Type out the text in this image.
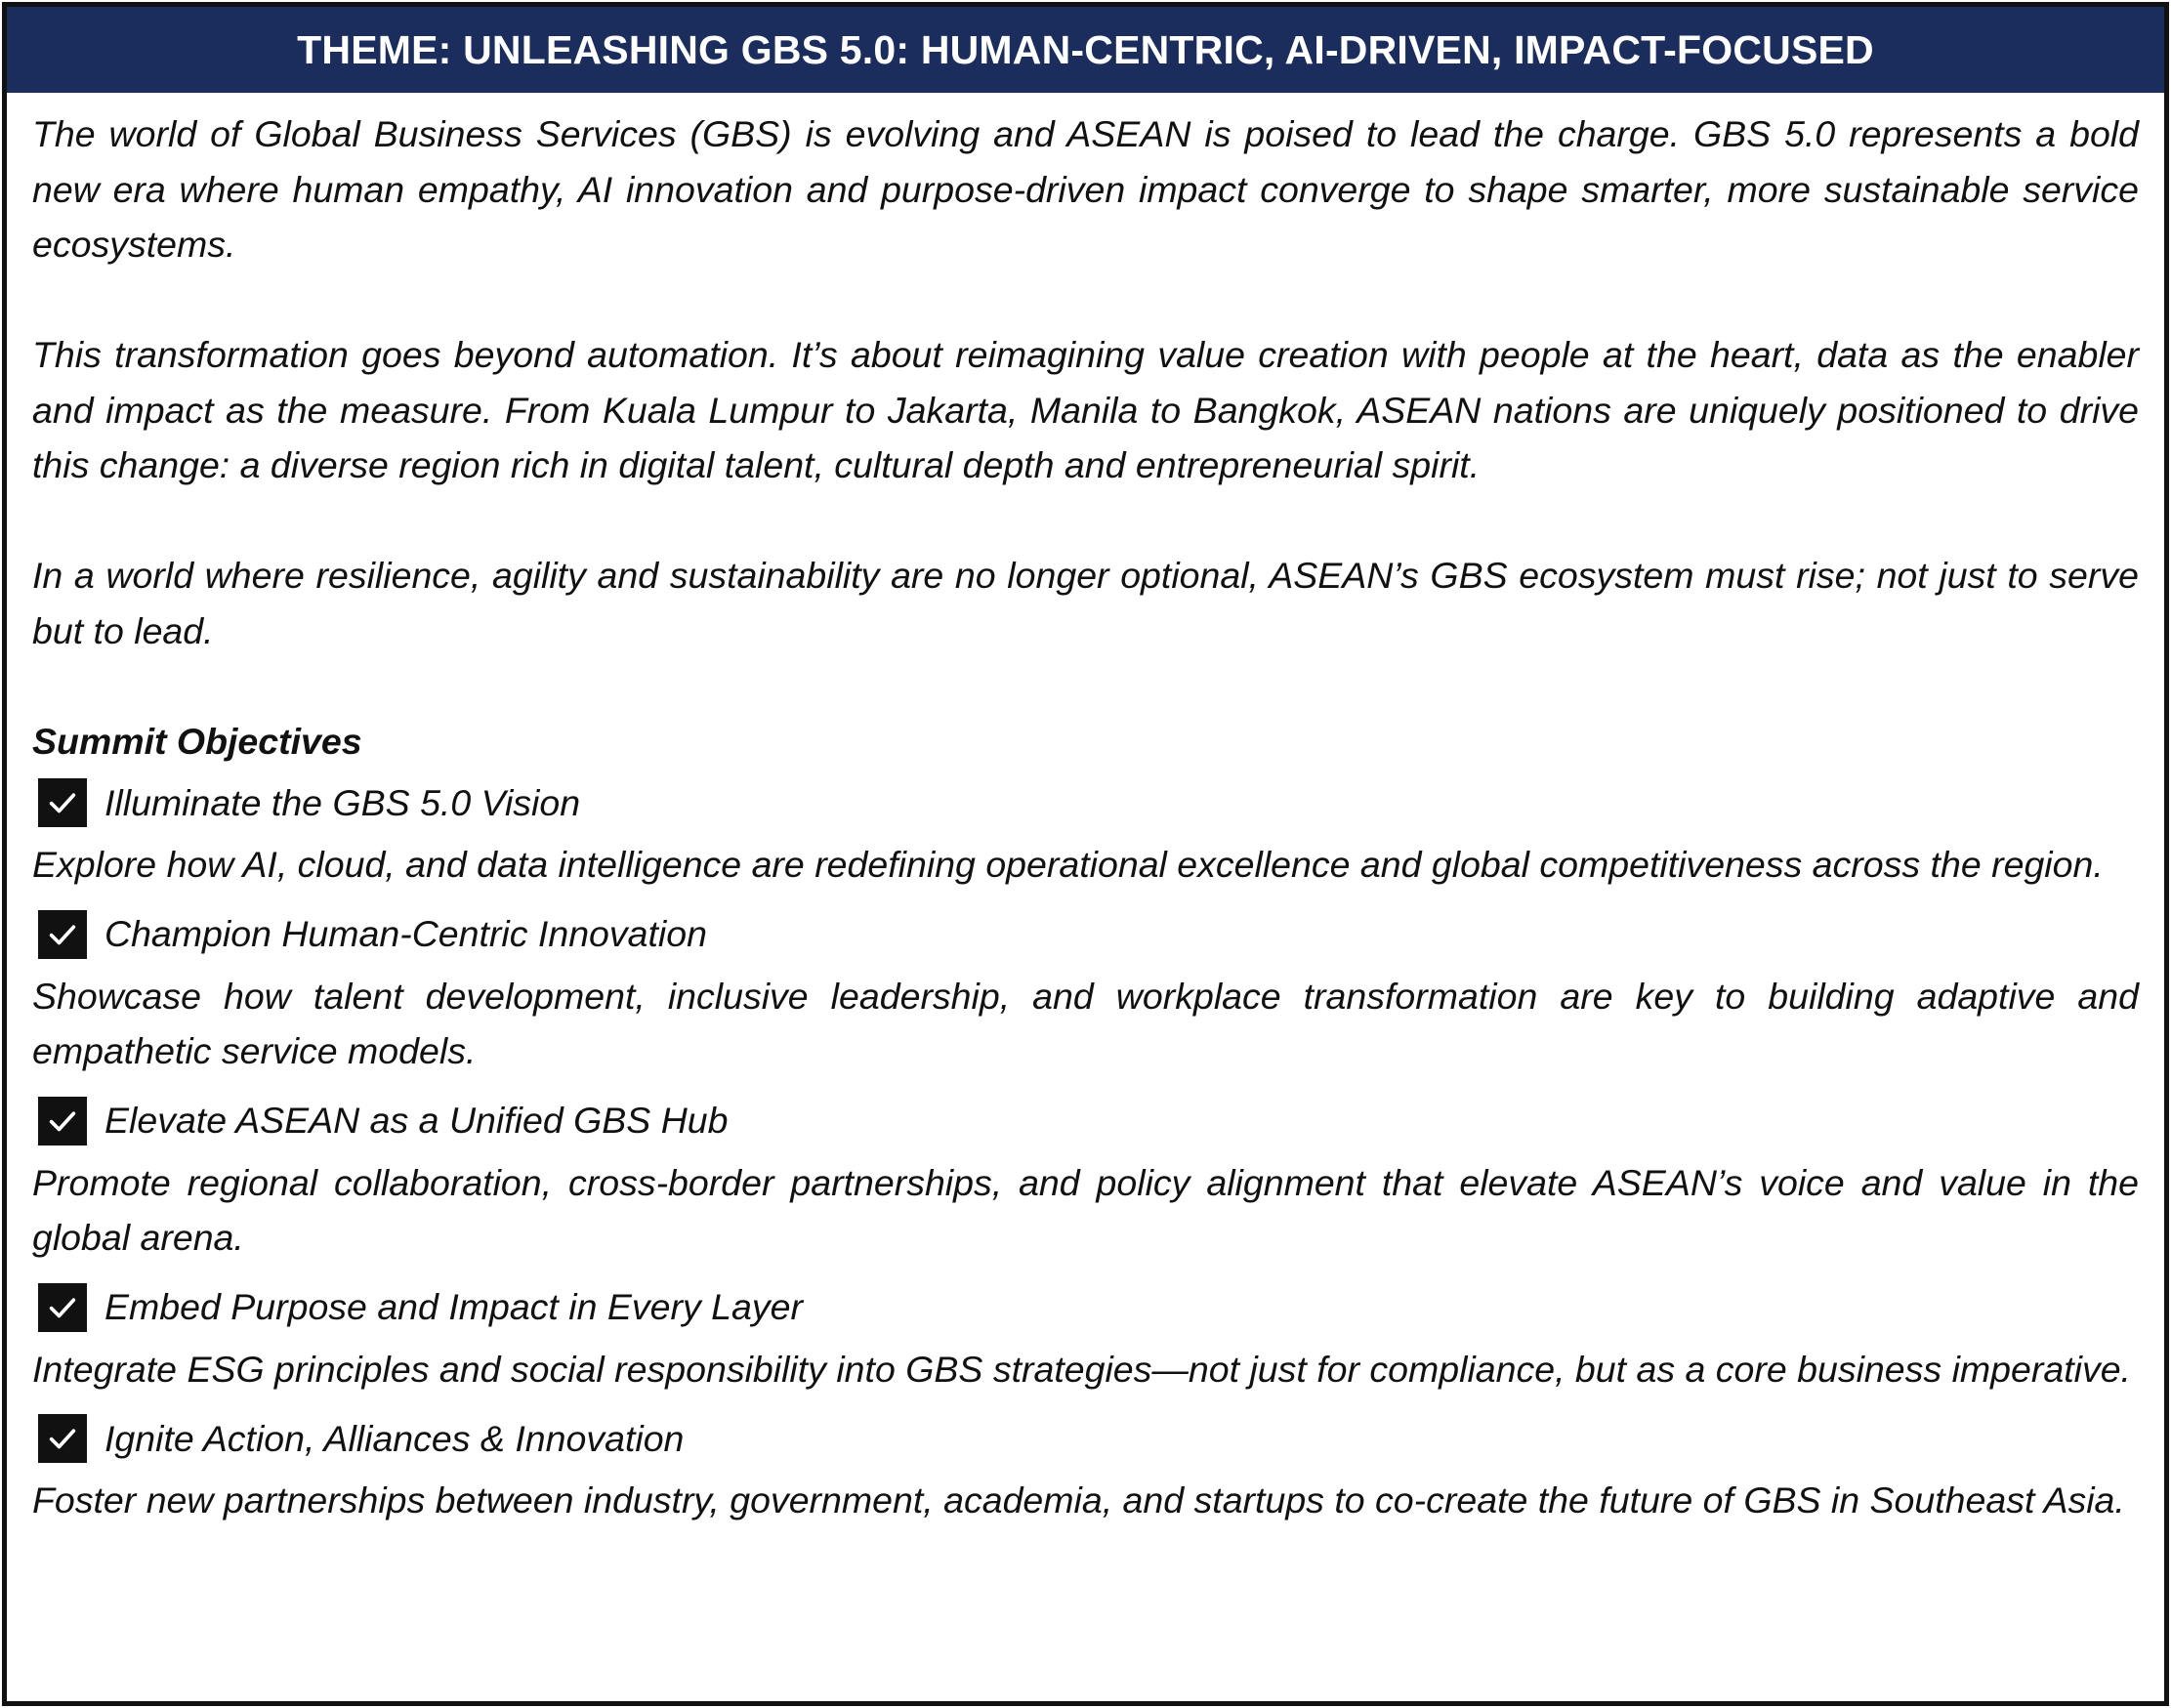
THEME: UNLEASHING GBS 5.0: HUMAN-CENTRIC, AI-DRIVEN, IMPACT-FOCUSED

The world of Global Business Services (GBS) is evolving and ASEAN is poised to lead the charge. GBS 5.0 represents a bold new era where human empathy, AI innovation and purpose-driven impact converge to shape smarter, more sustainable service ecosystems.

This transformation goes beyond automation. It’s about reimagining value creation with people at the heart, data as the enabler and impact as the measure. From Kuala Lumpur to Jakarta, Manila to Bangkok, ASEAN nations are uniquely positioned to drive this change: a diverse region rich in digital talent, cultural depth and entrepreneurial spirit.

In a world where resilience, agility and sustainability are no longer optional, ASEAN’s GBS ecosystem must rise; not just to serve but to lead.

Summit Objectives
Illuminate the GBS 5.0 Vision

Explore how AI, cloud, and data intelligence are redefining operational excellence and global competitiveness across the region.

Champion Human-Centric Innovation

Showcase how talent development, inclusive leadership, and workplace transformation are key to building adaptive and empathetic service models.

Elevate ASEAN as a Unified GBS Hub

Promote regional collaboration, cross-border partnerships, and policy alignment that elevate ASEAN’s voice and value in the global arena.

Embed Purpose and Impact in Every Layer

Integrate ESG principles and social responsibility into GBS strategies—not just for compliance, but as a core business imperative.

Ignite Action, Alliances & Innovation

Foster new partnerships between industry, government, academia, and startups to co-create the future of GBS in Southeast Asia.
